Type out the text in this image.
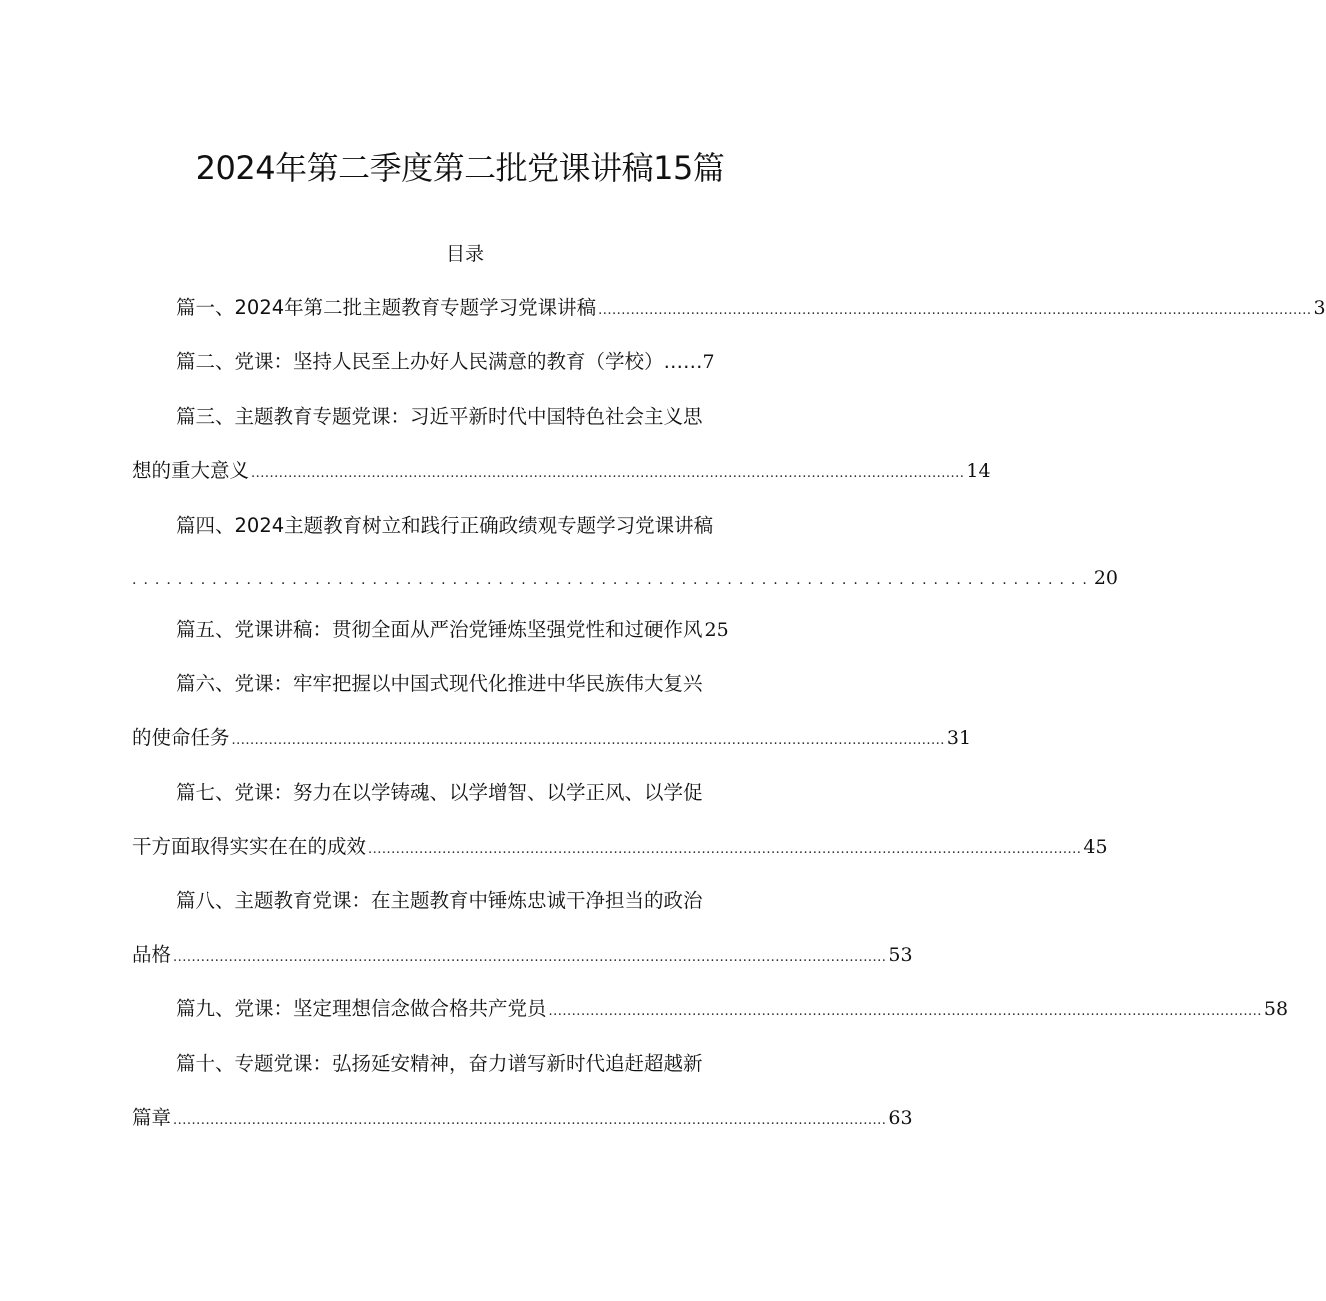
2024年第二季度第二批党课讲稿15篇
目录
篇一、2024年第二批主题教育专题学习党课讲稿 .......................................................................................................................................................... 3
篇二、党课：坚持人民至上办好人民满意的教育（学校）…… 7
篇三、主题教育专题党课：习近平新时代中国特色社会主义思
想的重大意义 .......................................................................................................................................................... 14
篇四、2024主题教育树立和践行正确政绩观专题学习党课讲稿
.................................................................................... 20
篇五、党课讲稿：贯彻全面从严治党锤炼坚强党性和过硬作风 25
篇六、党课：牢牢把握以中国式现代化推进中华民族伟大复兴
的使命任务 .......................................................................................................................................................... 31
篇七、党课：努力在以学铸魂、以学增智、以学正风、以学促
干方面取得实实在在的成效 .......................................................................................................................................................... 45
篇八、主题教育党课：在主题教育中锤炼忠诚干净担当的政治
品格 .......................................................................................................................................................... 53
篇九、党课：坚定理想信念做合格共产党员 .......................................................................................................................................................... 58
篇十、专题党课：弘扬延安精神，奋力谱写新时代追赶超越新
篇章 .......................................................................................................................................................... 63
